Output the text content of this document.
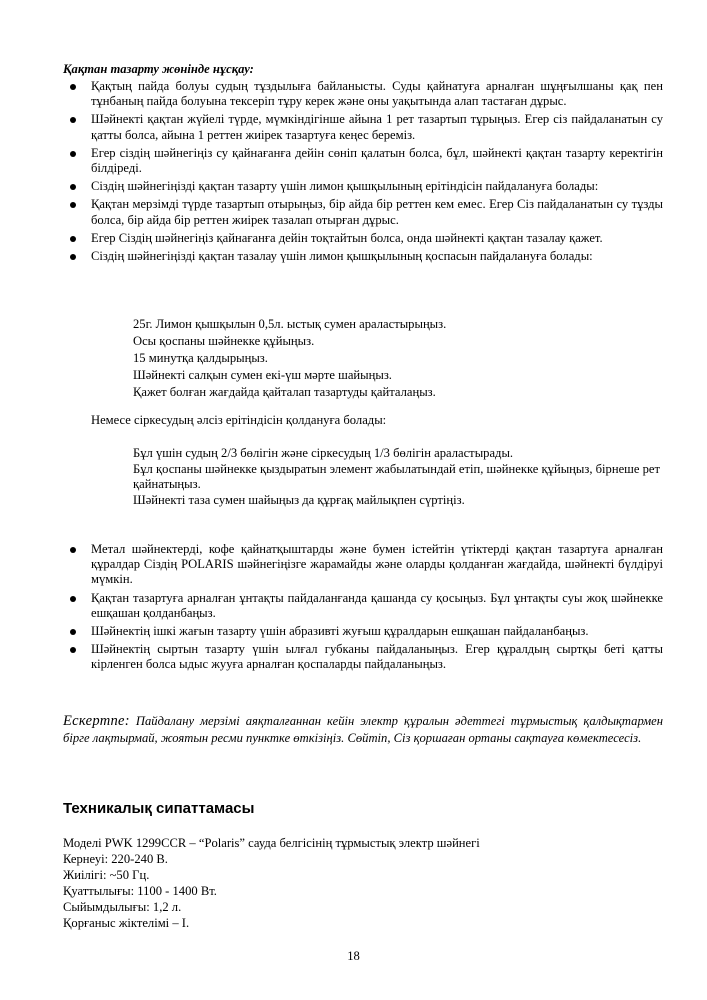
Қақтан тазарту жөнінде нұсқау:
Қақтың пайда болуы судың тұздылыға байланысты. Суды қайнатуға арналған шұңғылшаны қақ пен тұнбаның пайда болуына тексеріп тұру керек және оны уақытында алап тастаған дұрыс.
Шәйнекті қақтан жүйелі түрде, мүмкіндігінше айына 1 рет тазартып тұрыңыз. Егер сіз пайдаланатын су қатты болса, айына 1 реттен жиірек тазартуға кеңес береміз.
Егер сіздің шәйнегіңіз су қайнағанға дейін сөніп қалатын болса, бұл, шәйнекті қақтан тазарту керектігін білдіреді.
Сіздің шәйнегіңізді қақтан тазарту үшін лимон қышқылының ерітіндісін пайдалануға болады:
Қақтан мерзімді түрде тазартып отырыңыз, бір айда бір реттен кем емес. Егер Сіз пайдаланатын су тұзды болса, бір айда бір реттен жиірек тазалап отырған дұрыс.
Егер Сіздің шәйнегіңіз қайнағанға дейін тоқтайтын болса, онда шәйнекті қақтан тазалау қажет.
Сіздің шәйнегіңізді қақтан тазалау үшін лимон қышқылының қоспасын пайдалануға болады:
25г. Лимон қышқылын 0,5л. ыстық сумен араластырыңыз.
Осы қоспаны шәйнекке құйыңыз.
15 минутқа қалдырыңыз.
Шәйнекті салқын сумен екі-үш мәрте шайыңыз.
Қажет болған жағдайда қайталап тазартуды қайталаңыз.
Немесе сіркесудың әлсіз ерітіндісін қолдануға болады:
Бұл үшін судың 2/3 бөлігін және сіркесудың 1/3 бөлігін араластырады.
Бұл қоспаны шәйнекке қыздыратын элемент жабылатындай етіп, шәйнекке құйыңыз, бірнеше рет қайнатыңыз.
Шәйнекті таза сумен шайыңыз да құрғақ майлықпен сүртіңіз.
Метал шәйнектерді, кофе қайнатқыштарды және бумен істейтін үтіктерді қақтан тазартуға арналған құралдар Сіздің POLARIS шәйнегіңізге жарамайды және оларды қолданған жағдайда, шәйнекті бүлдіруі мүмкін.
Қақтан тазартуға арналған ұнтақты пайдаланғанда қашанда су қосыңыз. Бұл ұнтақты суы жоқ шәйнекке ешқашан қолданбаңыз.
Шәйнектің ішкі жағын тазарту үшін абразивті жуғыш құралдарын ешқашан пайдаланбаңыз.
Шәйнектің сыртын тазарту үшін ылғал губканы пайдаланыңыз. Егер құралдың сыртқы беті қатты кірленген болса ыдыс жууға арналған қоспаларды пайдаланыңыз.
Ескертпе: Пайдалану мерзімі аяқталғаннан кейін электр құралын әдеттегі тұрмыстық қалдықтармен бірге лақтырмай, жоятын ресми пунктке өткізіңіз. Сөйтіп, Сіз қоршаған ортаны сақтауға көмектесесіз.
Техникалық сипаттамасы
Моделі PWK 1299CCR – “Polaris” сауда белгісінің тұрмыстық электр шәйнегі
Кернеуі: 220-240 В.
Жиілігі: ~50 Гц.
Қуаттылығы: 1100 - 1400 Вт.
Сыйымдылығы: 1,2 л.
Қорғаныс жіктелімі – I.
18
